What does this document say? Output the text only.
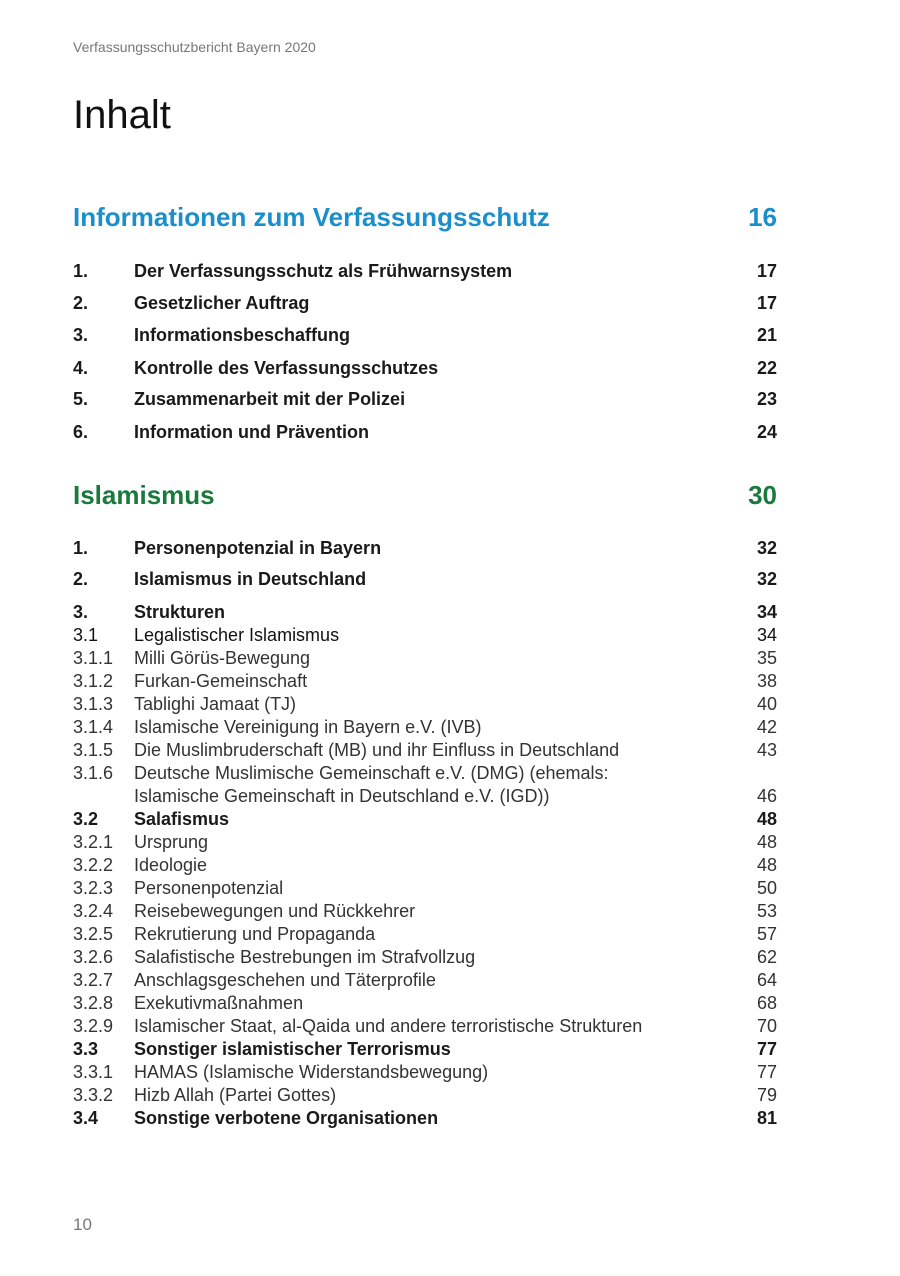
Verfassungsschutzbericht Bayern 2020
Inhalt
Informationen zum Verfassungsschutz	16
1.	Der Verfassungsschutz als Frühwarnsystem	17
2.	Gesetzlicher Auftrag	17
3.	Informationsbeschaffung	21
4.	Kontrolle des Verfassungsschutzes	22
5.	Zusammenarbeit mit der Polizei	23
6.	Information und Prävention	24
Islamismus	30
1.	Personenpotenzial in Bayern	32
2.	Islamismus in Deutschland	32
3.	Strukturen	34
3.1	Legalistischer Islamismus	34
3.1.1	Milli Görüs-Bewegung	35
3.1.2	Furkan-Gemeinschaft	38
3.1.3	Tablighi Jamaat (TJ)	40
3.1.4	Islamische Vereinigung in Bayern e.V. (IVB)	42
3.1.5	Die Muslimbruderschaft (MB) und ihr Einfluss in Deutschland	43
3.1.6	Deutsche Muslimische Gemeinschaft e.V. (DMG) (ehemals:
Islamische Gemeinschaft in Deutschland e.V. (IGD))	46
3.2	Salafismus	48
3.2.1	Ursprung	48
3.2.2	Ideologie	48
3.2.3	Personenpotenzial	50
3.2.4	Reisebewegungen und Rückkehrer	53
3.2.5	Rekrutierung und Propaganda	57
3.2.6	Salafistische Bestrebungen im Strafvollzug	62
3.2.7	Anschlagsgeschehen und Täterprofile	64
3.2.8	Exekutivmaßnahmen	68
3.2.9	Islamischer Staat, al-Qaida und andere terroristische Strukturen	70
3.3	Sonstiger islamistischer Terrorismus	77
3.3.1	HAMAS (Islamische Widerstandsbewegung)	77
3.3.2	Hizb Allah (Partei Gottes)	79
3.4	Sonstige verbotene Organisationen	81
10
